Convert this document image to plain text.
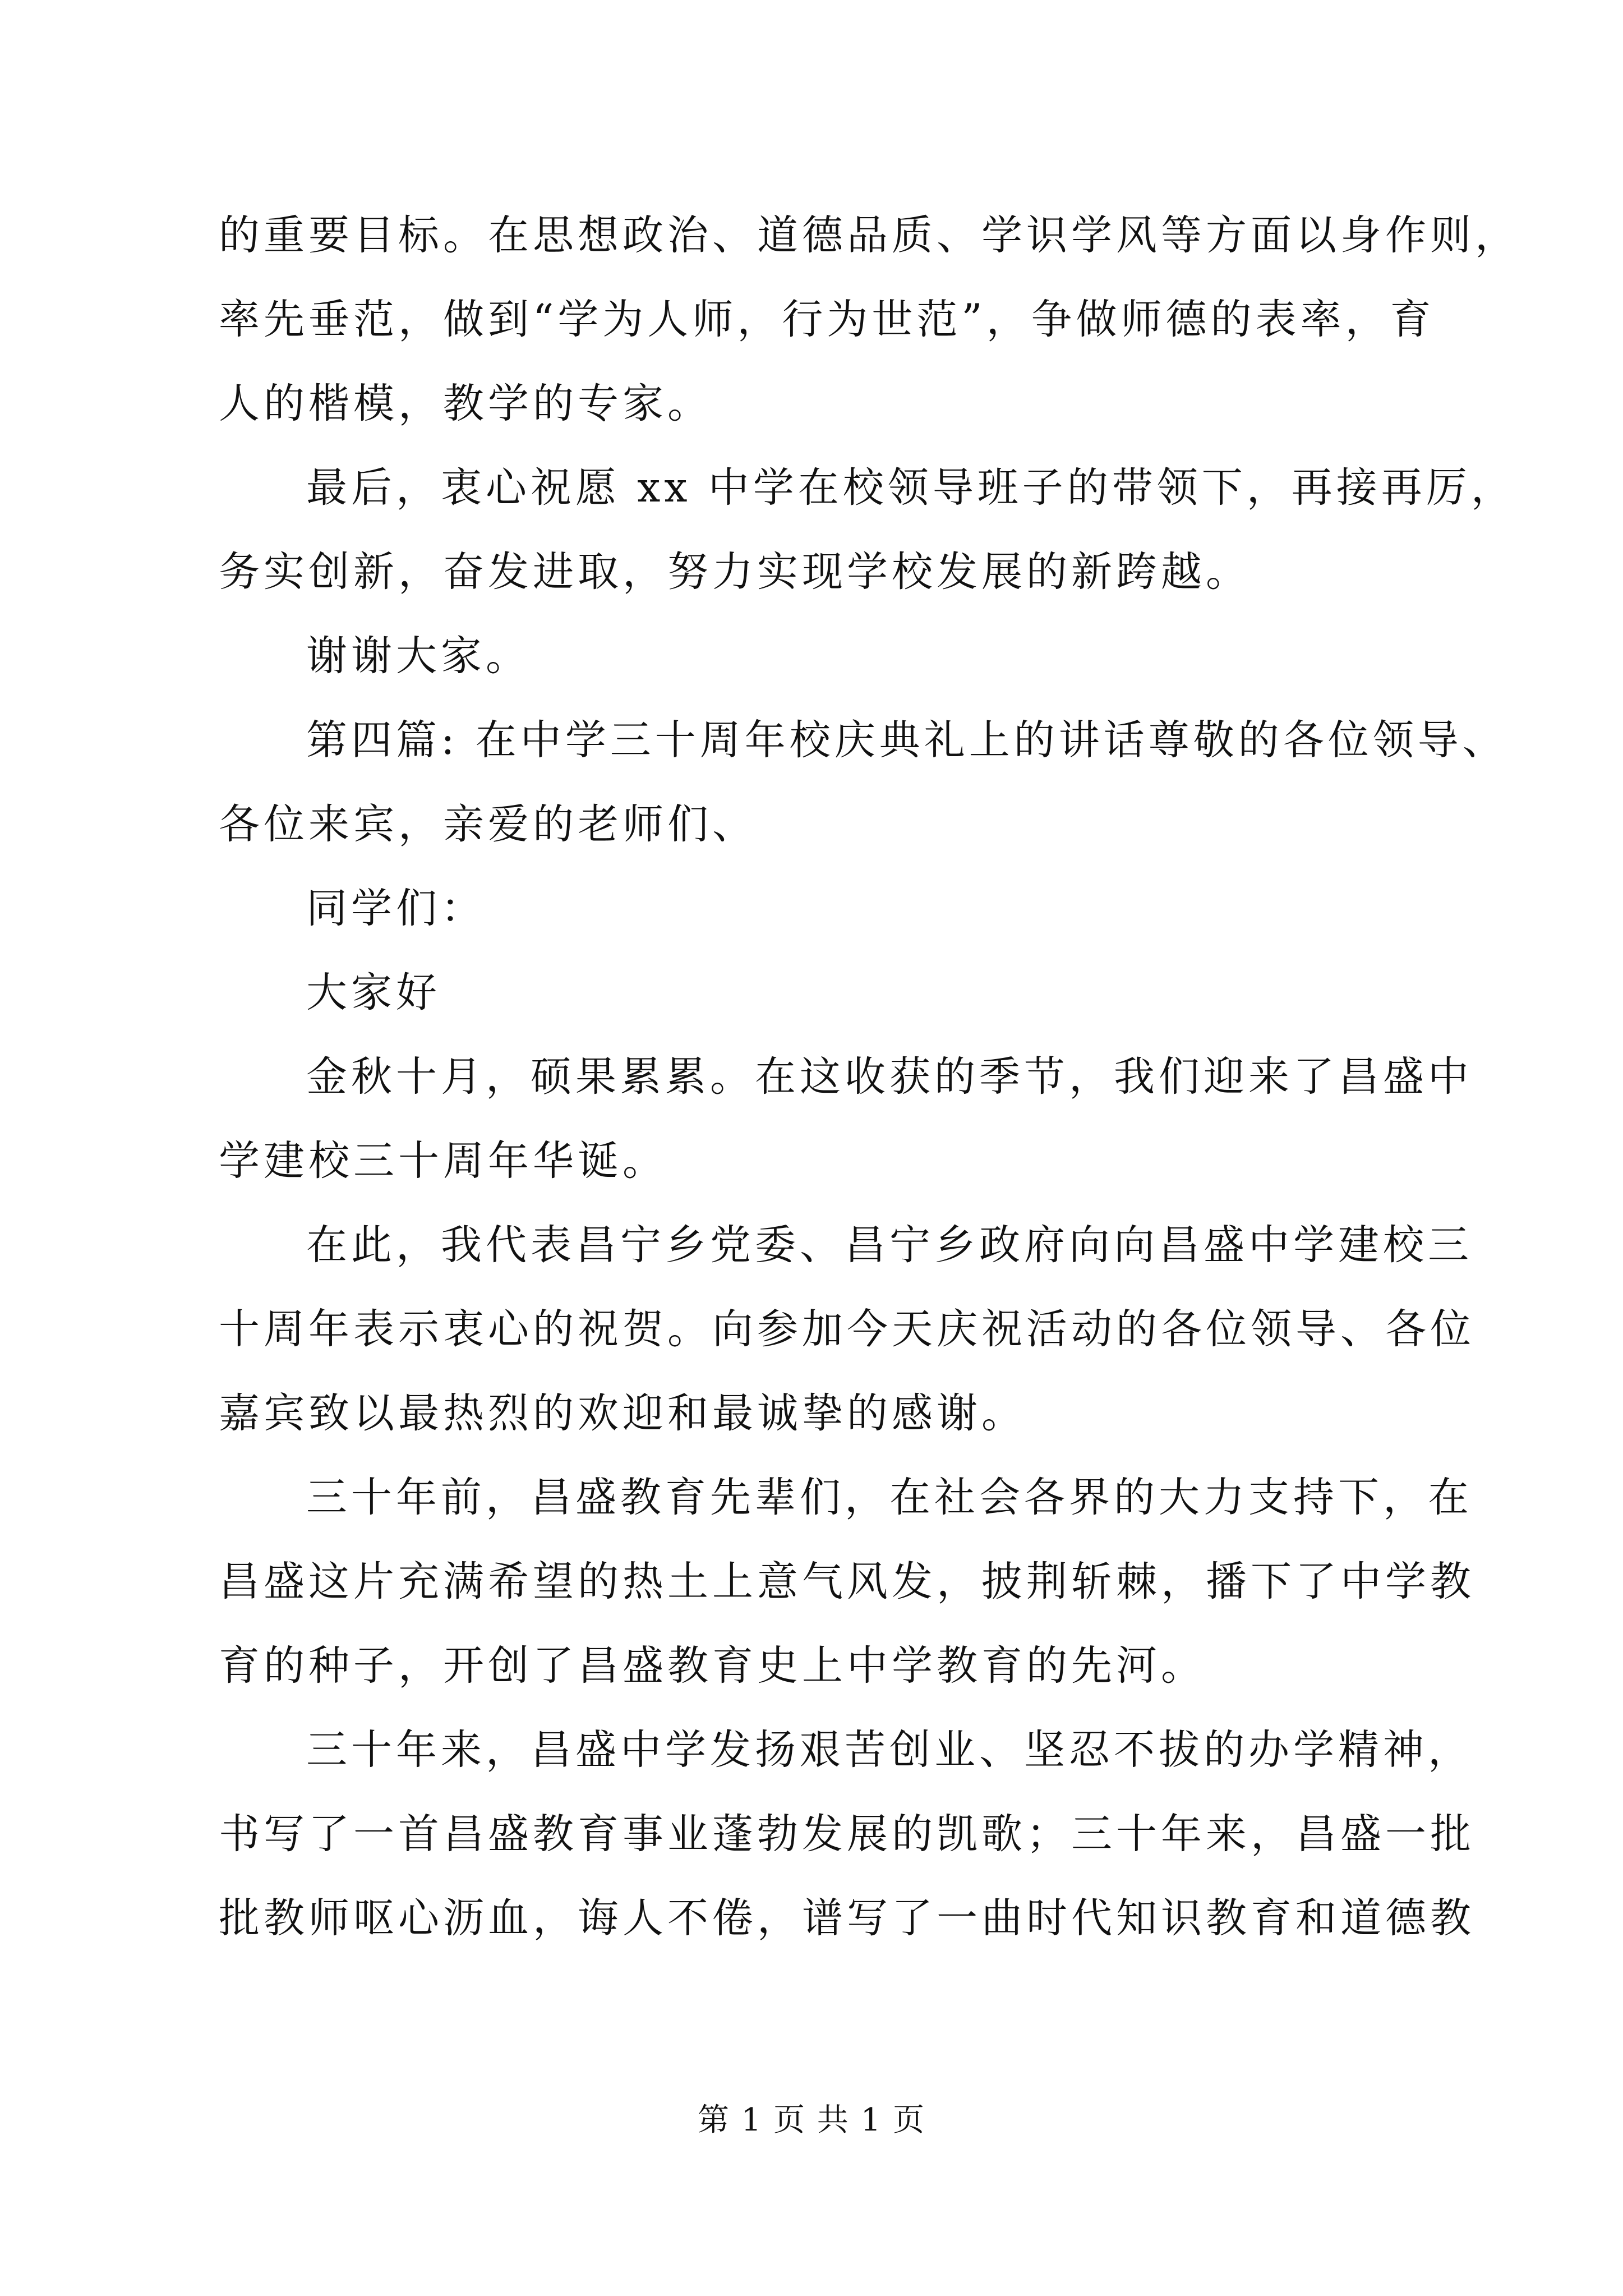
的重要目标。在思想政治、道德品质、学识学风等方面以身作则，
率先垂范，做到“学为人师，行为世范”，争做师德的表率，育
人的楷模，教学的专家。
最后，衷心祝愿 xx 中学在校领导班子的带领下，再接再厉，
务实创新，奋发进取，努力实现学校发展的新跨越。
谢谢大家。
第四篇: 在中学三十周年校庆典礼上的讲话尊敬的各位领导、
各位来宾，亲爱的老师们、
同学们：
大家好
金秋十月，硕果累累。在这收获的季节，我们迎来了昌盛中
学建校三十周年华诞。
在此，我代表昌宁乡党委、昌宁乡政府向向昌盛中学建校三
十周年表示衷心的祝贺。向参加今天庆祝活动的各位领导、各位
嘉宾致以最热烈的欢迎和最诚挚的感谢。
三十年前，昌盛教育先辈们，在社会各界的大力支持下，在
昌盛这片充满希望的热土上意气风发，披荆斩棘，播下了中学教
育的种子，开创了昌盛教育史上中学教育的先河。
三十年来，昌盛中学发扬艰苦创业、坚忍不拔的办学精神，
书写了一首昌盛教育事业蓬勃发展的凯歌；三十年来，昌盛一批
批教师呕心沥血，诲人不倦，谱写了一曲时代知识教育和道德教
第 1 页 共 1 页
